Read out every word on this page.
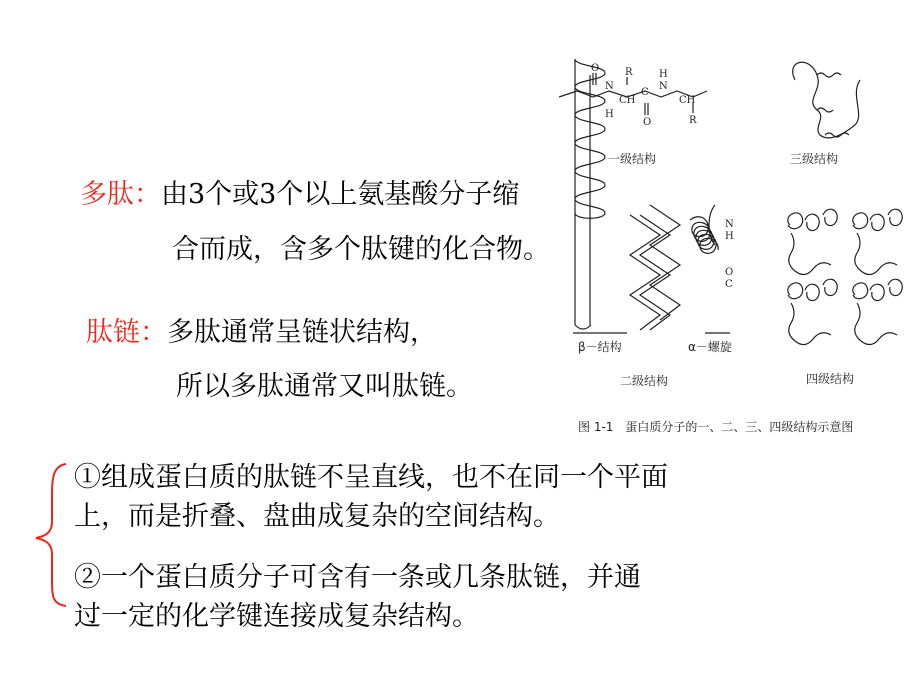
O	R
N
H
CH
C
O
N
H
CH
R
N
H
O
C
一级结构	三级结构
β－结构	α－螺旋
二级结构	四级结构
图 1-1　蛋白质分子的一、二、三、四级结构示意图
多肽：由3个或3个以上氨基酸分子缩
合而成，含多个肽键的化合物。
肽链：多肽通常呈链状结构，
所以多肽通常又叫肽链。
①组成蛋白质的肽链不呈直线，也不在同一个平面
上，而是折叠、盘曲成复杂的空间结构。
②一个蛋白质分子可含有一条或几条肽链，并通
过一定的化学键连接成复杂结构。
